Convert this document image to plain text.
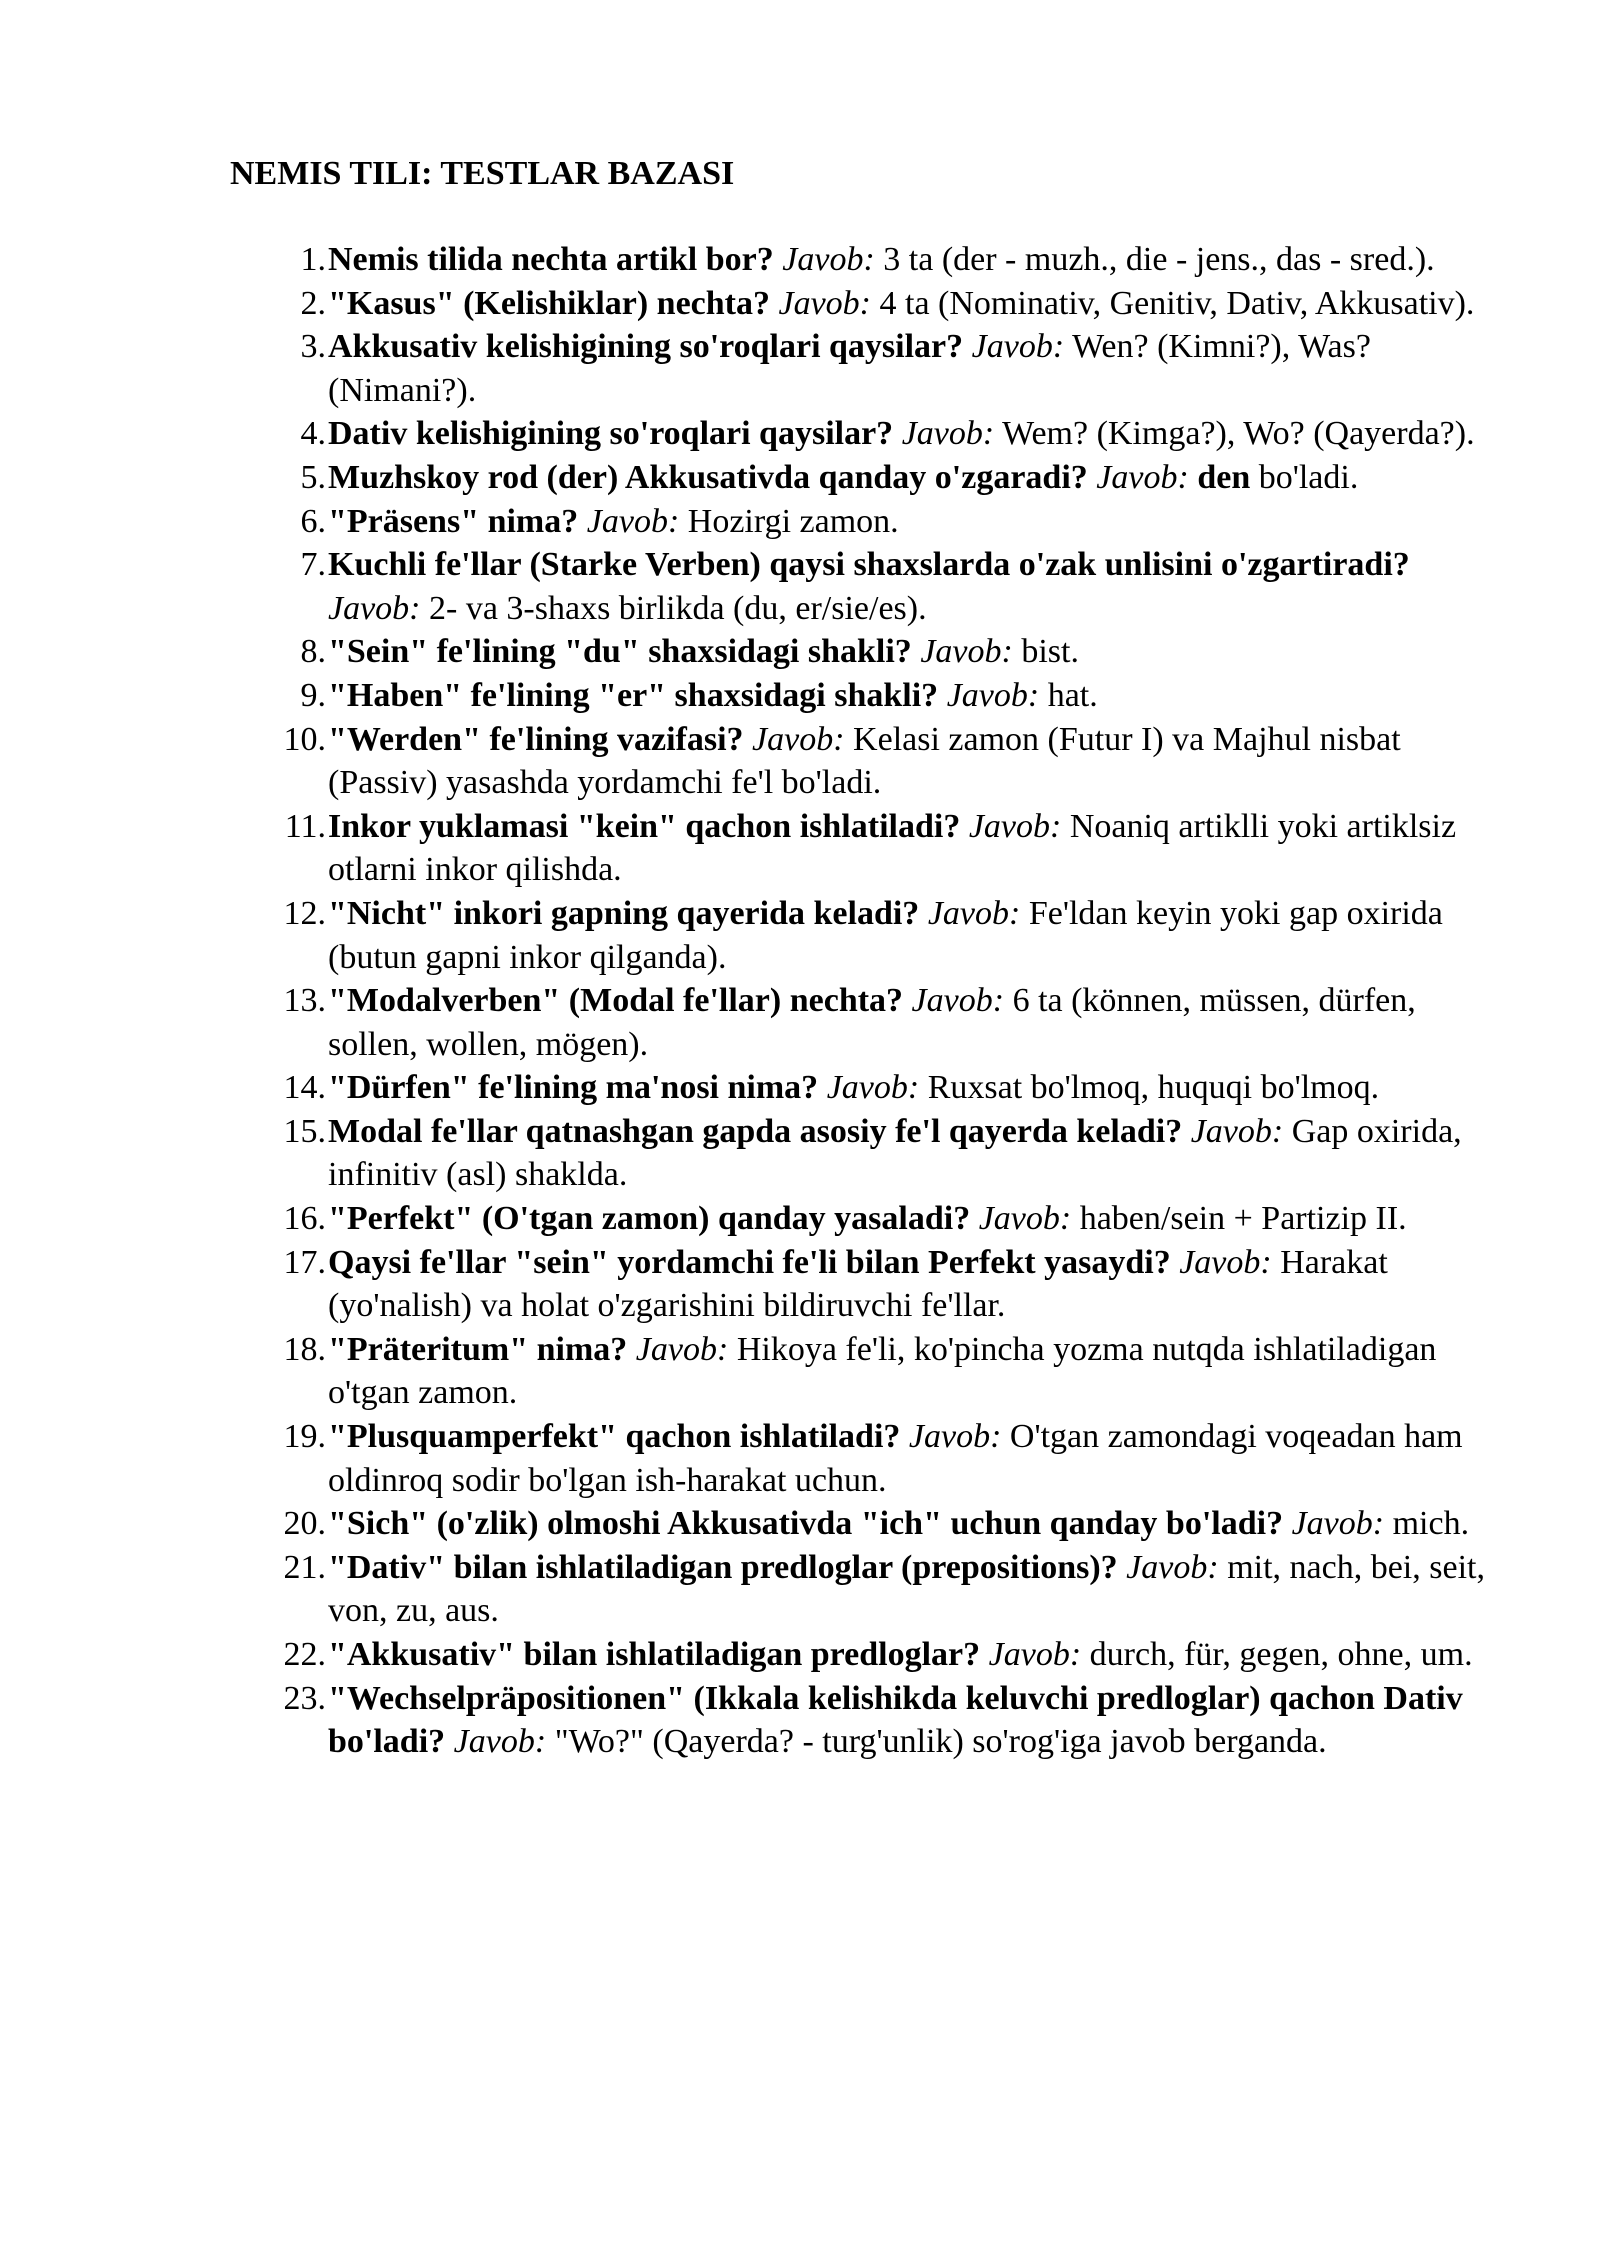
NEMIS TILI: TESTLAR BAZASI
1. Nemis tilida nechta artikl bor? Javob: 3 ta (der - muzh., die - jens., das - sred.).
2. "Kasus" (Kelishiklar) nechta? Javob: 4 ta (Nominativ, Genitiv, Dativ, Akkusativ).
3. Akkusativ kelishigining so'roqlari qaysilar? Javob: Wen? (Kimni?), Was? (Nimani?).
4. Dativ kelishigining so'roqlari qaysilar? Javob: Wem? (Kimga?), Wo? (Qayerda?).
5. Muzhskoy rod (der) Akkusativda qanday o'zgaradi? Javob: den bo'ladi.
6. "Präsens" nima? Javob: Hozirgi zamon.
7. Kuchli fe'llar (Starke Verben) qaysi shaxslarda o'zak unlisini o'zgartiradi? Javob: 2- va 3-shaxs birlikda (du, er/sie/es).
8. "Sein" fe'lining "du" shaxsidagi shakli? Javob: bist.
9. "Haben" fe'lining "er" shaxsidagi shakli? Javob: hat.
10. "Werden" fe'lining vazifasi? Javob: Kelasi zamon (Futur I) va Majhul nisbat (Passiv) yasashda yordamchi fe'l bo'ladi.
11. Inkor yuklamasi "kein" qachon ishlatiladi? Javob: Noaniq artiklli yoki artiklsiz otlarni inkor qilishda.
12. "Nicht" inkori gapning qayerida keladi? Javob: Fe'ldan keyin yoki gap oxirida (butun gapni inkor qilganda).
13. "Modalverben" (Modal fe'llar) nechta? Javob: 6 ta (können, müssen, dürfen, sollen, wollen, mögen).
14. "Dürfen" fe'lining ma'nosi nima? Javob: Ruxsat bo'lmoq, huquqi bo'lmoq.
15. Modal fe'llar qatnashgan gapda asosiy fe'l qayerda keladi? Javob: Gap oxirida, infinitiv (asl) shaklda.
16. "Perfekt" (O'tgan zamon) qanday yasaladi? Javob: haben/sein + Partizip II.
17. Qaysi fe'llar "sein" yordamchi fe'li bilan Perfekt yasaydi? Javob: Harakat (yo'nalish) va holat o'zgarishini bildiruvchi fe'llar.
18. "Präteritum" nima? Javob: Hikoya fe'li, ko'pincha yozma nutqda ishlatiladigan o'tgan zamon.
19. "Plusquamperfekt" qachon ishlatiladi? Javob: O'tgan zamondagi voqeadan ham oldinroq sodir bo'lgan ish-harakat uchun.
20. "Sich" (o'zlik) olmoshi Akkusativda "ich" uchun qanday bo'ladi? Javob: mich.
21. "Dativ" bilan ishlatiladigan predloglar (prepositions)? Javob: mit, nach, bei, seit, von, zu, aus.
22. "Akkusativ" bilan ishlatiladigan predloglar? Javob: durch, für, gegen, ohne, um.
23. "Wechselpräpositionen" (Ikkala kelishikda keluvchi predloglar) qachon Dativ bo'ladi? Javob: "Wo?" (Qayerda? - turg'unlik) so'rog'iga javob berganda.
